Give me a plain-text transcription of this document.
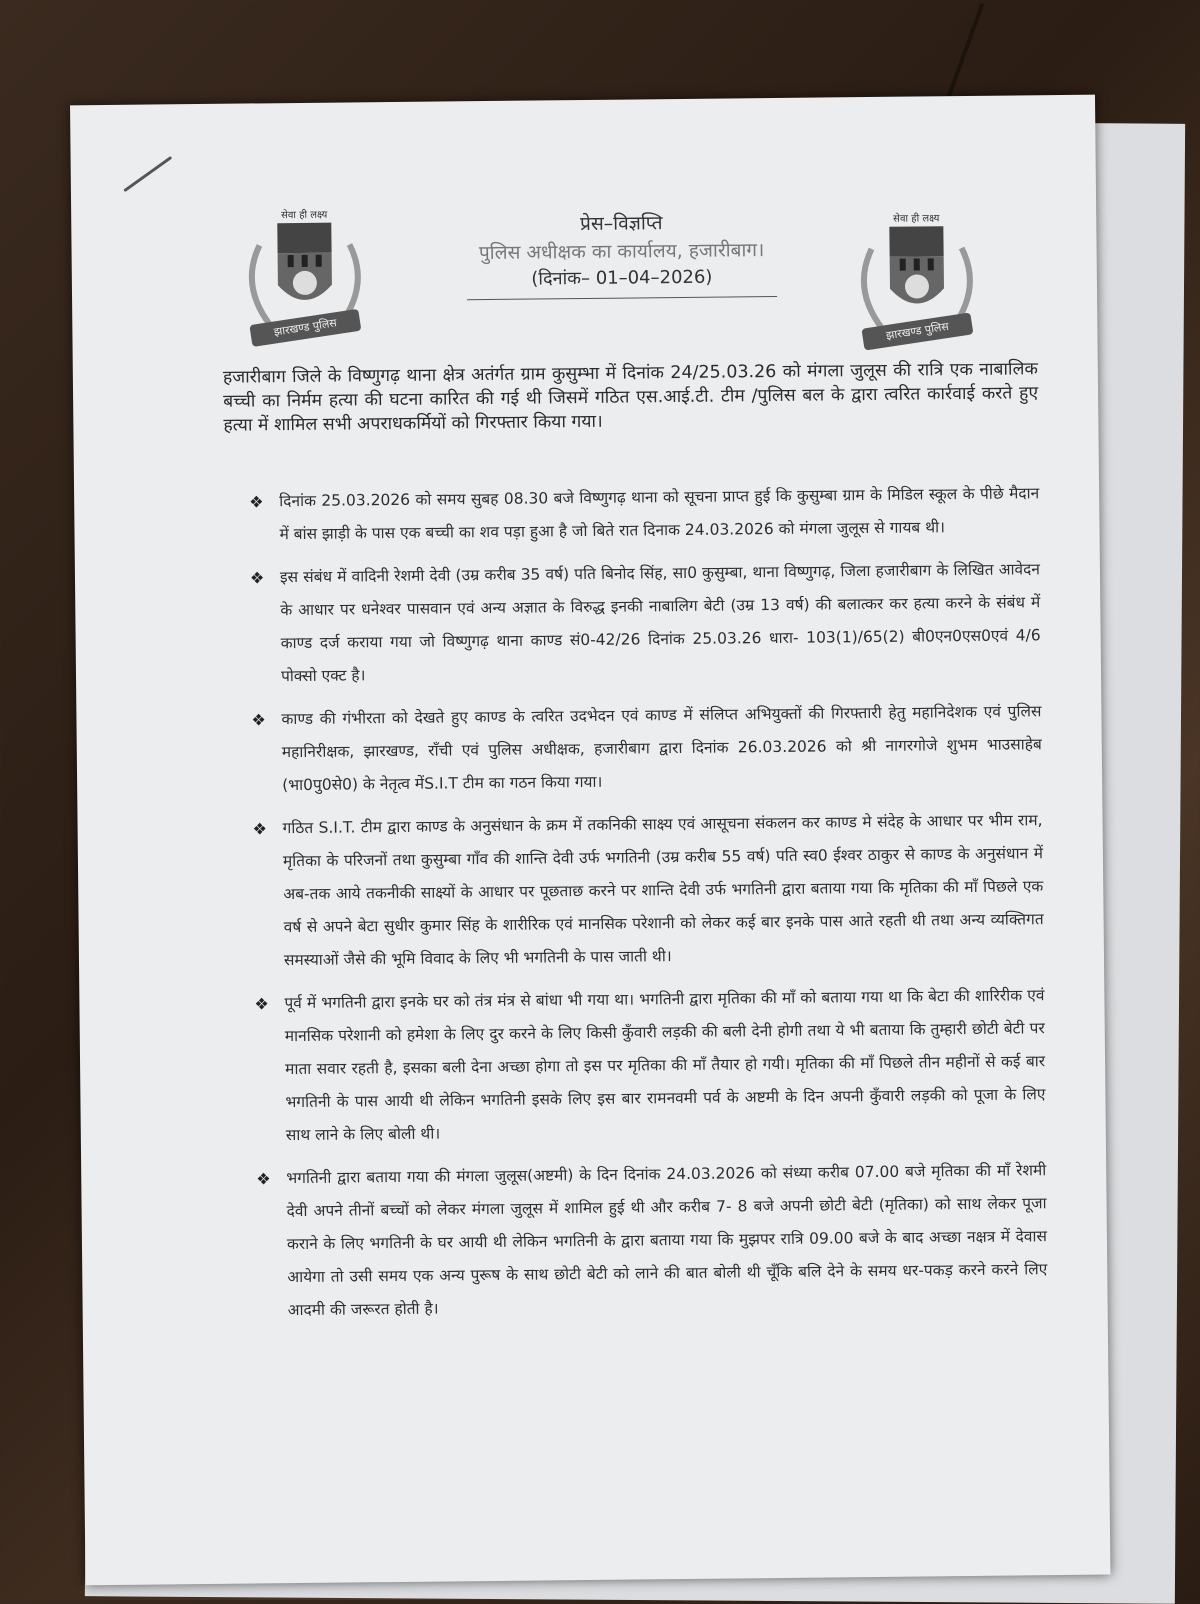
सेवा ही लक्ष्य
झारखण्ड पुलिस
प्रेस–विज्ञप्ति
पुलिस अधीक्षक का कार्यालय, हजारीबाग।
(दिनांक– 01–04–2026)
सेवा ही लक्ष्य
झारखण्ड पुलिस

हजारीबाग जिले के विष्णुगढ़ थाना क्षेत्र अतंर्गत ग्राम कुसुम्भा में दिनांक 24/25.03.26 को मंगला जुलूस की रात्रि एक नाबालिक बच्ची का निर्मम हत्या की घटना कारित की गई थी जिसमें गठित एस.आई.टी. टीम /पुलिस बल के द्वारा त्वरित कार्रवाई करते हुए हत्या में शामिल सभी अपराधकर्मियों को गिरफ्तार किया गया।

❖ दिनांक 25.03.2026 को समय सुबह 08.30 बजे विष्णुगढ़ थाना को सूचना प्राप्त हुई कि कुसुम्बा ग्राम के मिडिल स्कूल के पीछे मैदान में बांस झाड़ी के पास एक बच्ची का शव पड़ा हुआ है जो बिते रात दिनाक 24.03.2026 को मंगला जुलूस से गायब थी।
❖ इस संबंध में वादिनी रेशमी देवी (उम्र करीब 35 वर्ष) पति बिनोद सिंह, सा0 कुसुम्बा, थाना विष्णुगढ़, जिला हजारीबाग के लिखित आवेदन के आधार पर धनेश्वर पासवान एवं अन्य अज्ञात के विरुद्ध इनकी नाबालिग बेटी (उम्र 13 वर्ष) की बलात्कर कर हत्या करने के संबंध में काण्ड दर्ज कराया गया जो विष्णुगढ़ थाना काण्ड सं0-42/26 दिनांक 25.03.26 धारा- 103(1)/65(2) बी0एन0एस0एवं 4/6 पोक्सो एक्ट है।
❖ काण्ड की गंभीरता को देखते हुए काण्ड के त्वरित उदभेदन एवं काण्ड में संलिप्त अभियुक्तों की गिरफ्तारी हेतु महानिदेशक एवं पुलिस महानिरीक्षक, झारखण्ड, राँची एवं पुलिस अधीक्षक, हजारीबाग द्वारा दिनांक 26.03.2026 को श्री नागरगोजे शुभम भाउसाहेब (भा0पु0से0) के नेतृत्व मेंS.I.T टीम का गठन किया गया।
❖ गठित S.I.T. टीम द्वारा काण्ड के अनुसंधान के क्रम में तकनिकी साक्ष्य एवं आसूचना संकलन कर काण्ड मे संदेह के आधार पर भीम राम, मृतिका के परिजनों तथा कुसुम्बा गाँव की शान्ति देवी उर्फ भगतिनी (उम्र करीब 55 वर्ष) पति स्व0 ईश्वर ठाकुर से काण्ड के अनुसंधान में अब-तक आये तकनीकी साक्ष्यों के आधार पर पूछताछ करने पर शान्ति देवी उर्फ भगतिनी द्वारा बताया गया कि मृतिका की माँ पिछले एक वर्ष से अपने बेटा सुधीर कुमार सिंह के शारीरिक एवं मानसिक परेशानी को लेकर कई बार इनके पास आते रहती थी तथा अन्य व्यक्तिगत समस्याओं जैसे की भूमि विवाद के लिए भी भगतिनी के पास जाती थी।
❖ पूर्व में भगतिनी द्वारा इनके घर को तंत्र मंत्र से बांधा भी गया था। भगतिनी द्वारा मृतिका की माँ को बताया गया था कि बेटा की शारिरीक एवं मानसिक परेशानी को हमेशा के लिए दुर करने के लिए किसी कुँवारी लड़की की बली देनी होगी तथा ये भी बताया कि तुम्हारी छोटी बेटी पर माता सवार रहती है, इसका बली देना अच्छा होगा तो इस पर मृतिका की माँ तैयार हो गयी। मृतिका की माँ पिछले तीन महीनों से कई बार भगतिनी के पास आयी थी लेकिन भगतिनी इसके लिए इस बार रामनवमी पर्व के अष्टमी के दिन अपनी कुँवारी लड़की को पूजा के लिए साथ लाने के लिए बोली थी।
❖ भगतिनी द्वारा बताया गया की मंगला जुलूस(अष्टमी) के दिन दिनांक 24.03.2026 को संध्या करीब 07.00 बजे मृतिका की माँ रेशमी देवी अपने तीनों बच्चों को लेकर मंगला जुलूस में शामिल हुई थी और करीब 7- 8 बजे अपनी छोटी बेटी (मृतिका) को साथ लेकर पूजा कराने के लिए भगतिनी के घर आयी थी लेकिन भगतिनी के द्वारा बताया गया कि मुझपर रात्रि 09.00 बजे के बाद अच्छा नक्षत्र में देवास आयेगा तो उसी समय एक अन्य पुरूष के साथ छोटी बेटी को लाने की बात बोली थी चूँकि बलि देने के समय धर-पकड़ करने करने लिए आदमी की जरूरत होती है।
